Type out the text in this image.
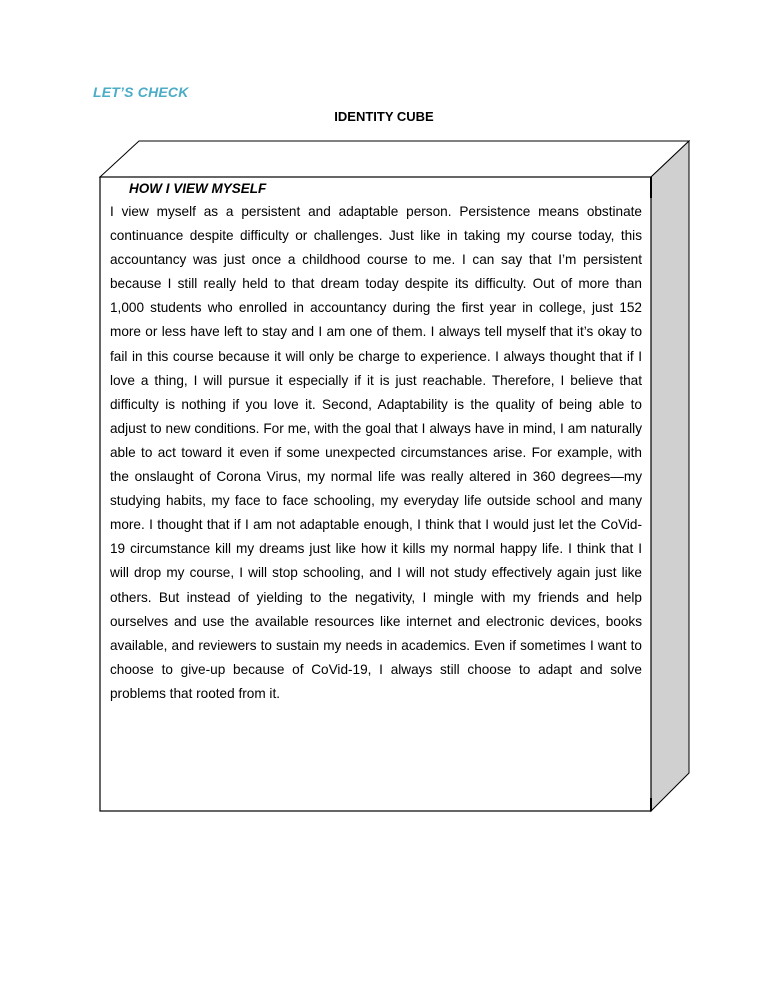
LET’S CHECK
IDENTITY CUBE
HOW I VIEW MYSELF
I view myself as a persistent and adaptable person. Persistence means obstinate continuance despite difficulty or challenges. Just like in taking my course today, this accountancy was just once a childhood course to me. I can say that I’m persistent because I still really held to that dream today despite its difficulty. Out of more than 1,000 students who enrolled in accountancy during the first year in college, just 152 more or less have left to stay and I am one of them. I always tell myself that it’s okay to fail in this course because it will only be charge to experience. I always thought that if I love a thing, I will pursue it especially if it is just reachable. Therefore, I believe that difficulty is nothing if you love it. Second, Adaptability is the quality of being able to adjust to new conditions. For me, with the goal that I always have in mind, I am naturally able to act toward it even if some unexpected circumstances arise. For example, with the onslaught of Corona Virus, my normal life was really altered in 360 degrees—my studying habits, my face to face schooling, my everyday life outside school and many more. I thought that if I am not adaptable enough, I think that I would just let the CoVid-19 circumstance kill my dreams just like how it kills my normal happy life. I think that I will drop my course, I will stop schooling, and I will not study effectively again just like others. But instead of yielding to the negativity, I mingle with my friends and help ourselves and use the available resources like internet and electronic devices, books available, and reviewers to sustain my needs in academics. Even if sometimes I want to choose to give-up because of CoVid-19, I always still choose to adapt and solve problems that rooted from it.
